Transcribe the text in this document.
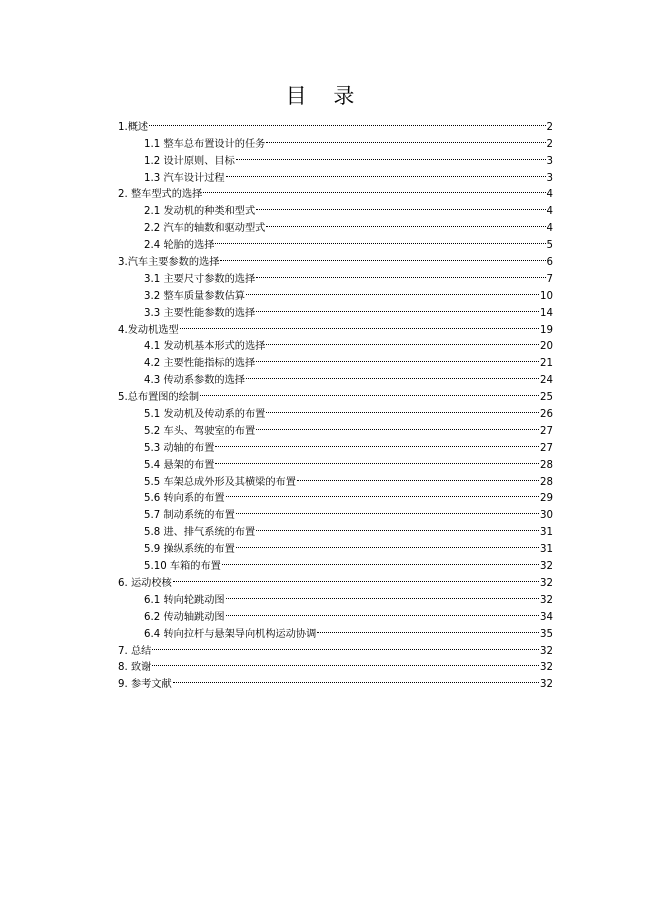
目 录
1.概述	2
1.1 整车总布置设计的任务	2
1.2 设计原则、目标	3
1.3 汽车设计过程	3
2. 整车型式的选择	4
2.1 发动机的种类和型式	4
2.2 汽车的轴数和驱动型式	4
2.4 轮胎的选择	5
3.汽车主要参数的选择	6
3.1 主要尺寸参数的选择	7
3.2 整车质量参数估算	10
3.3 主要性能参数的选择	14
4.发动机选型	19
4.1 发动机基本形式的选择	20
4.2 主要性能指标的选择	21
4.3 传动系参数的选择	24
5.总布置图的绘制	25
5.1 发动机及传动系的布置	26
5.2 车头、驾驶室的布置	27
5.3 动轴的布置	27
5.4 悬架的布置	28
5.5 车架总成外形及其横梁的布置	28
5.6 转向系的布置	29
5.7 制动系统的布置	30
5.8 进、排气系统的布置	31
5.9 操纵系统的布置	31
5.10 车箱的布置	32
6. 运动校核	32
6.1 转向轮跳动图	32
6.2 传动轴跳动图	34
6.4 转向拉杆与悬架导向机构运动协调	35
7. 总结	32
8. 致谢	32
9. 参考文献	32
